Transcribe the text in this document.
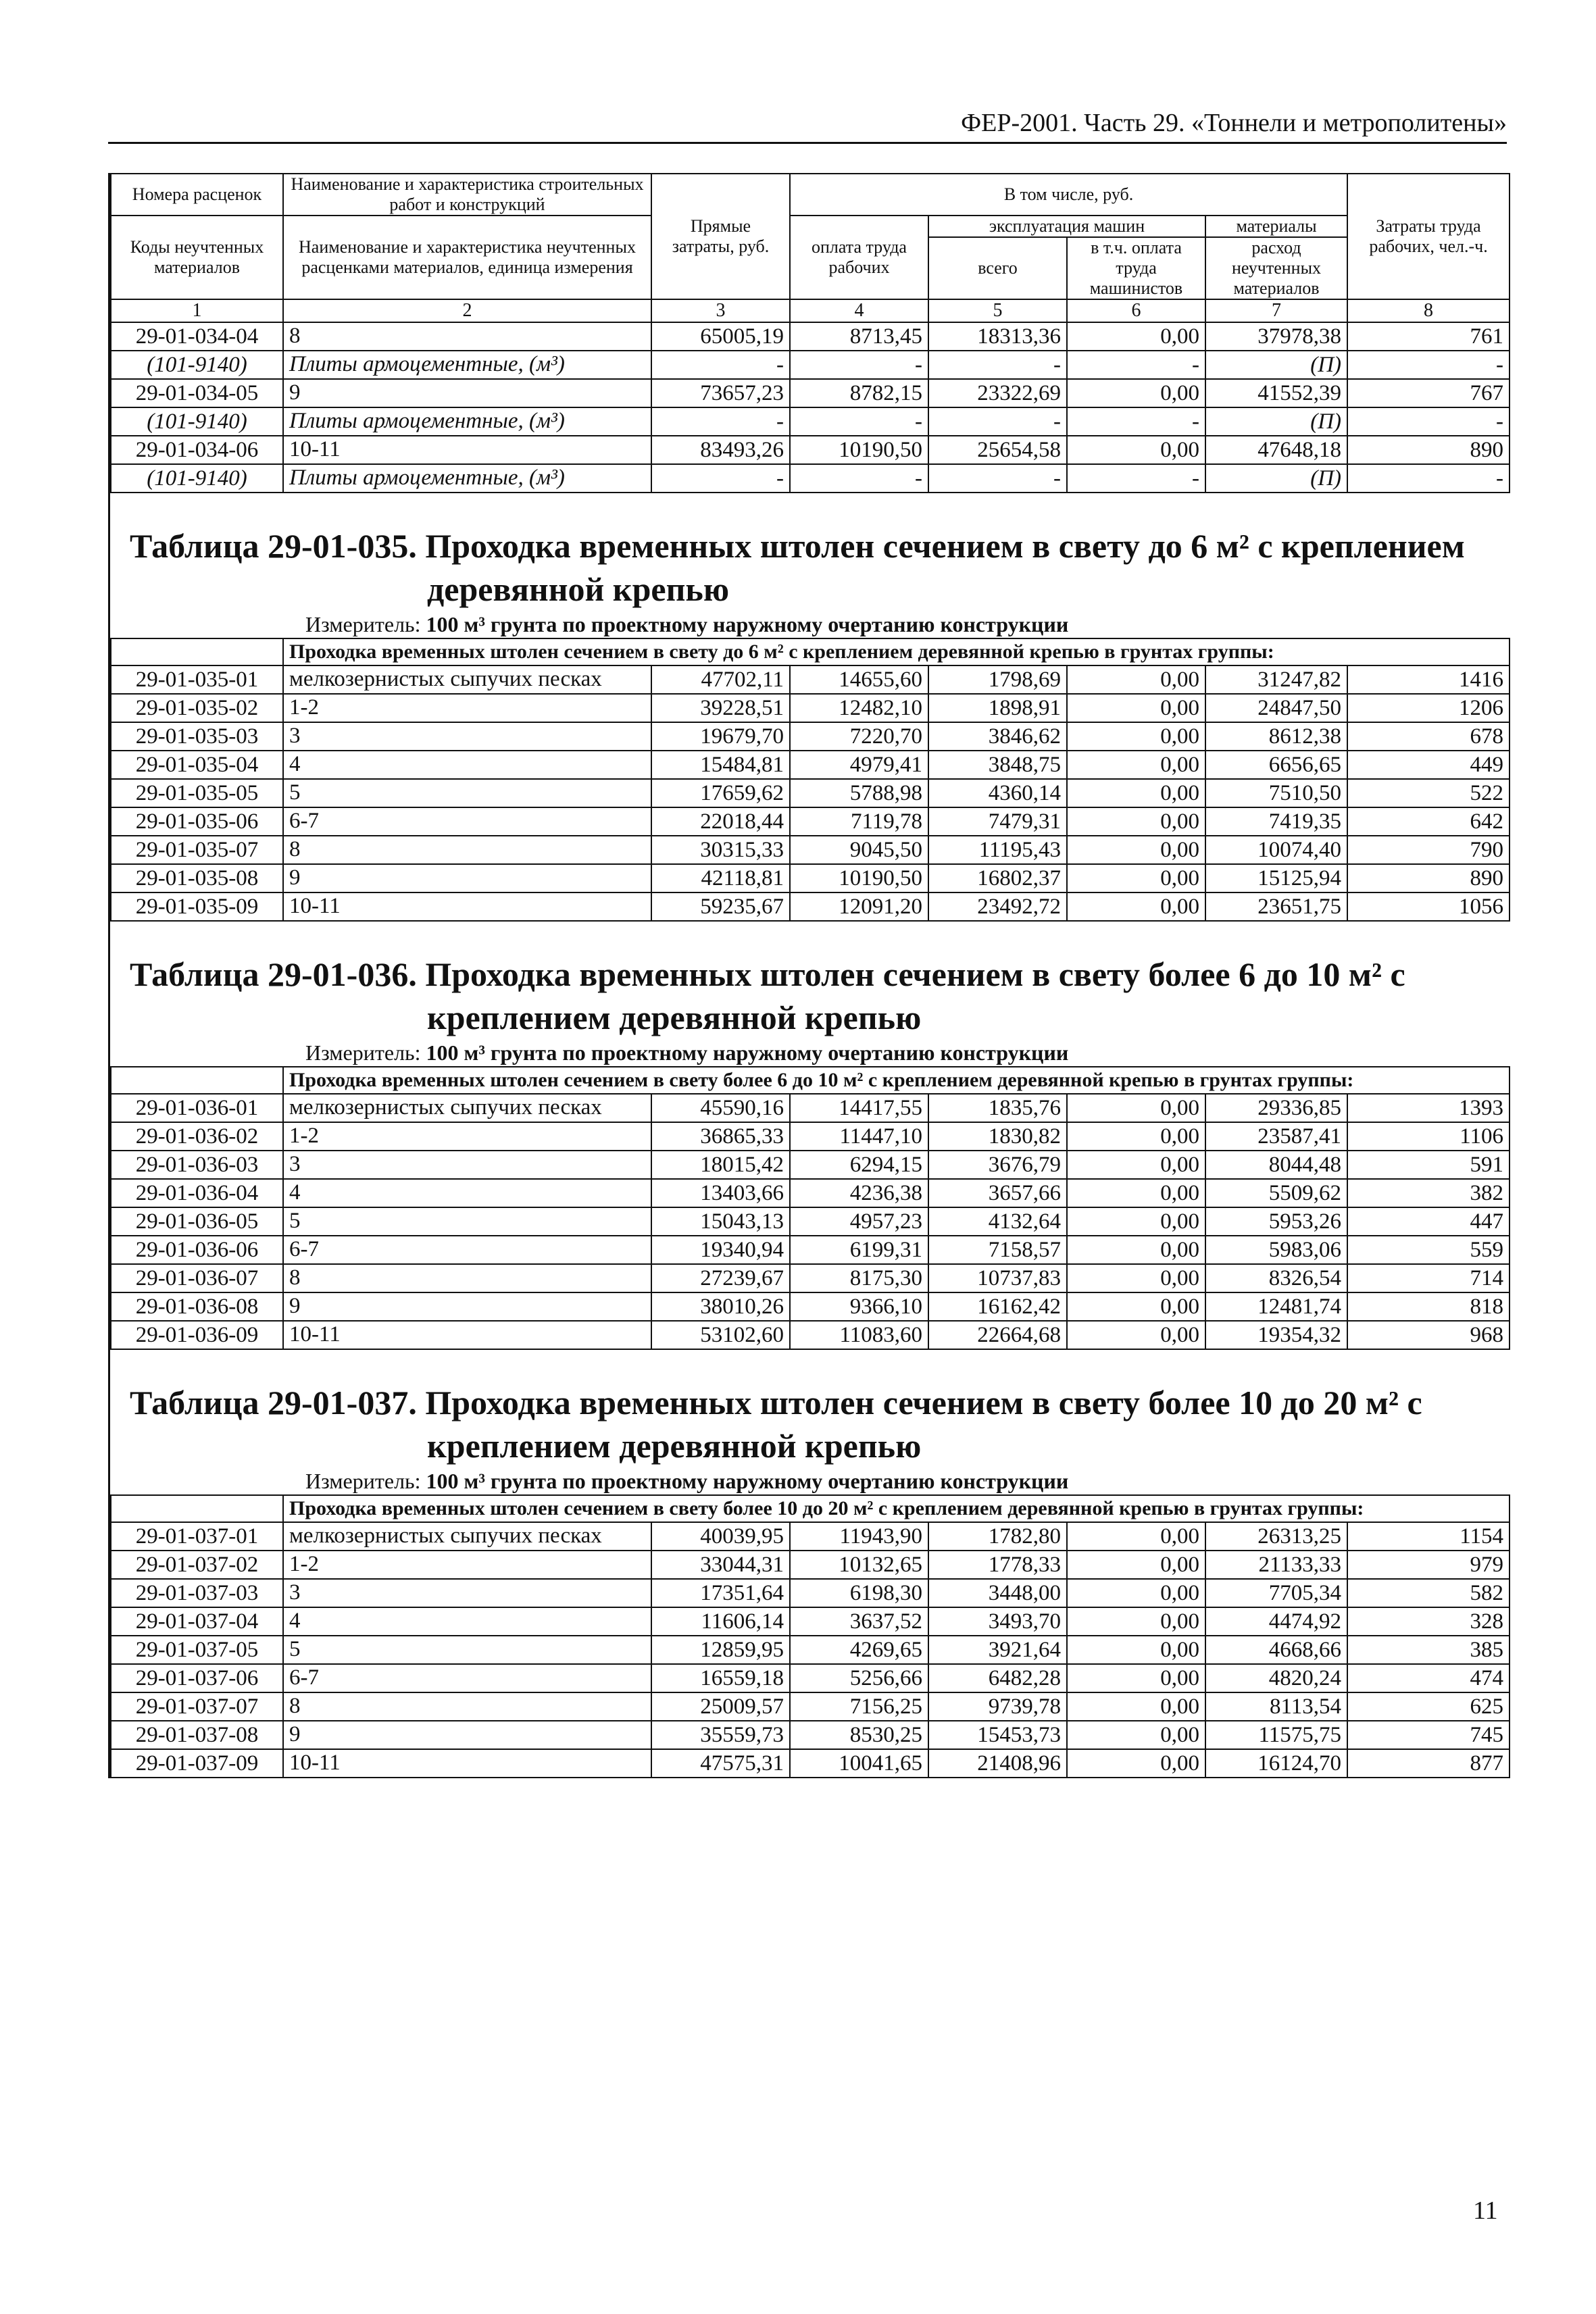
ФЕР-2001. Часть 29. «Тоннели и метрополитены»
Номера расценок	Наименование и характеристика строительных работ и конструкций	Прямые затраты, руб.	В том числе, руб.				Затраты труда рабочих, чел.-ч.
Коды неучтенных материалов	Наименование и характеристика неучтенных расценками материалов, единица измерения		оплата труда рабочих	эксплуатация машин		материалы	
				всего	в т.ч. оплата труда машинистов	расход неучтенных материалов	
1	2	3	4	5	6	7	8
29-01-034-04	8	65005,19	8713,45	18313,36	0,00	37978,38	761
(101-9140)	Плиты армоцементные, (м³)	-	-	-	-	(П)	-
29-01-034-05	9	73657,23	8782,15	23322,69	0,00	41552,39	767
(101-9140)	Плиты армоцементные, (м³)	-	-	-	-	(П)	-
29-01-034-06	10-11	83493,26	10190,50	25654,58	0,00	47648,18	890
(101-9140)	Плиты армоцементные, (м³)	-	-	-	-	(П)	-

Таблица 29-01-035. Проходка временных штолен сечением в свету до 6 м² с креплением
деревянной крепью
Измеритель: 100 м³ грунта по проектному наружному очертанию конструкции							

	Проходка временных штолен сечением в свету до 6 м² с креплением деревянной крепью в грунтах группы:						
29-01-035-01	мелкозернистых сыпучих песках	47702,11	14655,60	1798,69	0,00	31247,82	1416
29-01-035-02	1-2	39228,51	12482,10	1898,91	0,00	24847,50	1206
29-01-035-03	3	19679,70	7220,70	3846,62	0,00	8612,38	678
29-01-035-04	4	15484,81	4979,41	3848,75	0,00	6656,65	449
29-01-035-05	5	17659,62	5788,98	4360,14	0,00	7510,50	522
29-01-035-06	6-7	22018,44	7119,78	7479,31	0,00	7419,35	642
29-01-035-07	8	30315,33	9045,50	11195,43	0,00	10074,40	790
29-01-035-08	9	42118,81	10190,50	16802,37	0,00	15125,94	890
29-01-035-09	10-11	59235,67	12091,20	23492,72	0,00	23651,75	1056

Таблица 29-01-036. Проходка временных штолен сечением в свету более 6 до 10 м² с
креплением деревянной крепью
Измеритель: 100 м³ грунта по проектному наружному очертанию конструкции							

	Проходка временных штолен сечением в свету более 6 до 10 м² с креплением деревянной крепью в грунтах группы:						
29-01-036-01	мелкозернистых сыпучих песках	45590,16	14417,55	1835,76	0,00	29336,85	1393
29-01-036-02	1-2	36865,33	11447,10	1830,82	0,00	23587,41	1106
29-01-036-03	3	18015,42	6294,15	3676,79	0,00	8044,48	591
29-01-036-04	4	13403,66	4236,38	3657,66	0,00	5509,62	382
29-01-036-05	5	15043,13	4957,23	4132,64	0,00	5953,26	447
29-01-036-06	6-7	19340,94	6199,31	7158,57	0,00	5983,06	559
29-01-036-07	8	27239,67	8175,30	10737,83	0,00	8326,54	714
29-01-036-08	9	38010,26	9366,10	16162,42	0,00	12481,74	818
29-01-036-09	10-11	53102,60	11083,60	22664,68	0,00	19354,32	968

Таблица 29-01-037. Проходка временных штолен сечением в свету более 10 до 20 м² с
креплением деревянной крепью
Измеритель: 100 м³ грунта по проектному наружному очертанию конструкции							

	Проходка временных штолен сечением в свету более 10 до 20 м² с креплением деревянной крепью в грунтах группы:						
29-01-037-01	мелкозернистых сыпучих песках	40039,95	11943,90	1782,80	0,00	26313,25	1154
29-01-037-02	1-2	33044,31	10132,65	1778,33	0,00	21133,33	979
29-01-037-03	3	17351,64	6198,30	3448,00	0,00	7705,34	582
29-01-037-04	4	11606,14	3637,52	3493,70	0,00	4474,92	328
29-01-037-05	5	12859,95	4269,65	3921,64	0,00	4668,66	385
29-01-037-06	6-7	16559,18	5256,66	6482,28	0,00	4820,24	474
29-01-037-07	8	25009,57	7156,25	9739,78	0,00	8113,54	625
29-01-037-08	9	35559,73	8530,25	15453,73	0,00	11575,75	745
29-01-037-09	10-11	47575,31	10041,65	21408,96	0,00	16124,70	877
11
